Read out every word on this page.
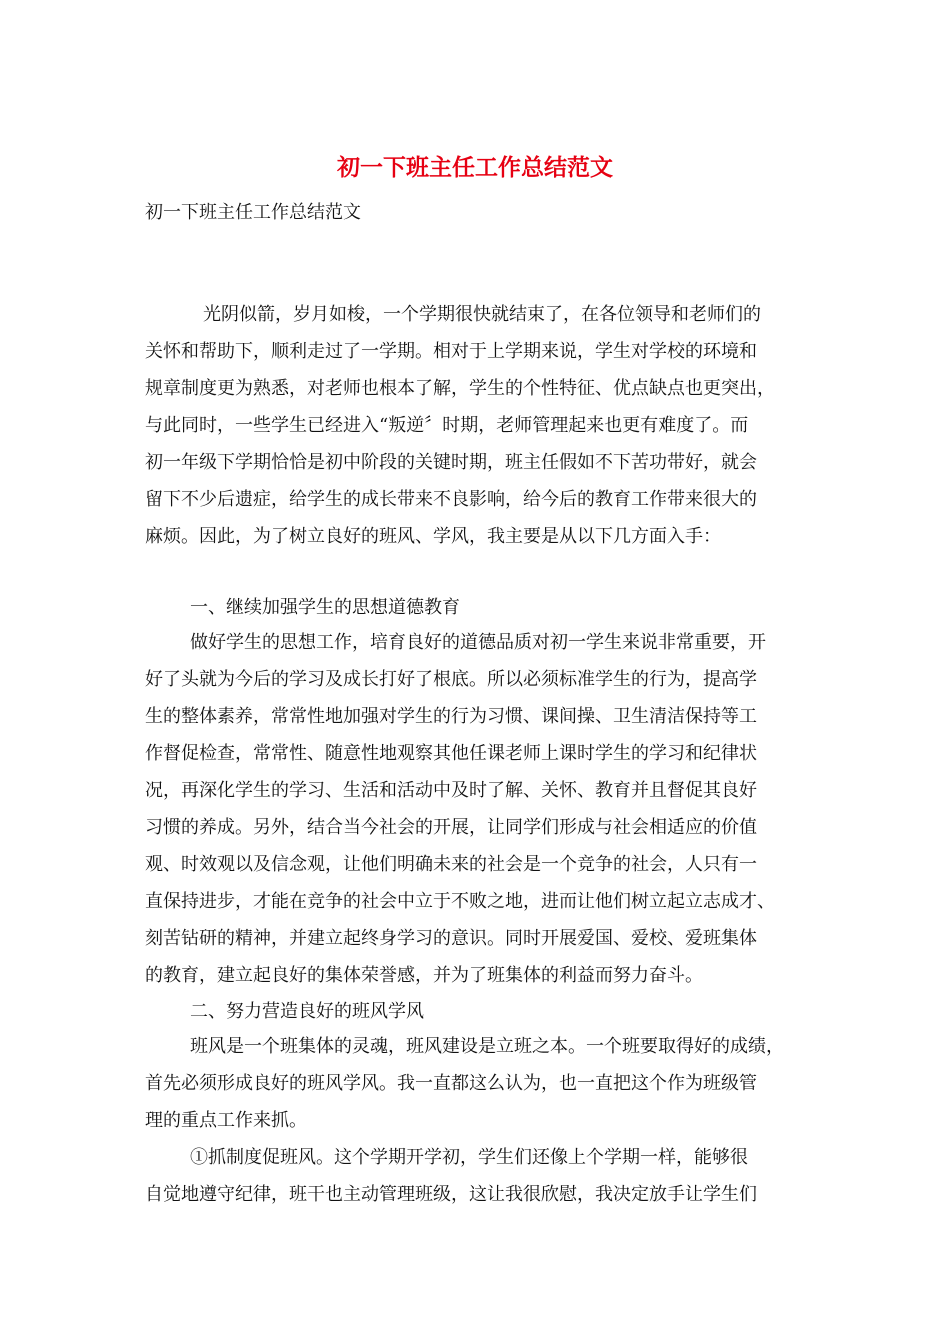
初一下班主任工作总结范文
初一下班主任工作总结范文
光阴似箭，岁月如梭，一个学期很快就结束了，在各位领导和老师们的
关怀和帮助下，顺利走过了一学期。相对于上学期来说，学生对学校的环境和
规章制度更为熟悉，对老师也根本了解，学生的个性特征、优点缺点也更突出，
与此同时，一些学生已经进入“叛逆〞时期，老师管理起来也更有难度了。而
初一年级下学期恰恰是初中阶段的关键时期，班主任假如不下苦功带好，就会
留下不少后遗症，给学生的成长带来不良影响，给今后的教育工作带来很大的
麻烦。因此，为了树立良好的班风、学风，我主要是从以下几方面入手：
一、继续加强学生的思想道德教育
做好学生的思想工作，培育良好的道德品质对初一学生来说非常重要，开
好了头就为今后的学习及成长打好了根底。所以必须标准学生的行为，提高学
生的整体素养，常常性地加强对学生的行为习惯、课间操、卫生清洁保持等工
作督促检查，常常性、随意性地观察其他任课老师上课时学生的学习和纪律状
况，再深化学生的学习、生活和活动中及时了解、关怀、教育并且督促其良好
习惯的养成。另外，结合当今社会的开展，让同学们形成与社会相适应的价值
观、时效观以及信念观，让他们明确未来的社会是一个竞争的社会，人只有一
直保持进步，才能在竞争的社会中立于不败之地，进而让他们树立起立志成才、
刻苦钻研的精神，并建立起终身学习的意识。同时开展爱国、爱校、爱班集体
的教育，建立起良好的集体荣誉感，并为了班集体的利益而努力奋斗。
二、努力营造良好的班风学风
班风是一个班集体的灵魂，班风建设是立班之本。一个班要取得好的成绩，
首先必须形成良好的班风学风。我一直都这么认为，也一直把这个作为班级管
理的重点工作来抓。
①抓制度促班风。这个学期开学初，学生们还像上个学期一样，能够很
自觉地遵守纪律，班干也主动管理班级，这让我很欣慰，我决定放手让学生们
